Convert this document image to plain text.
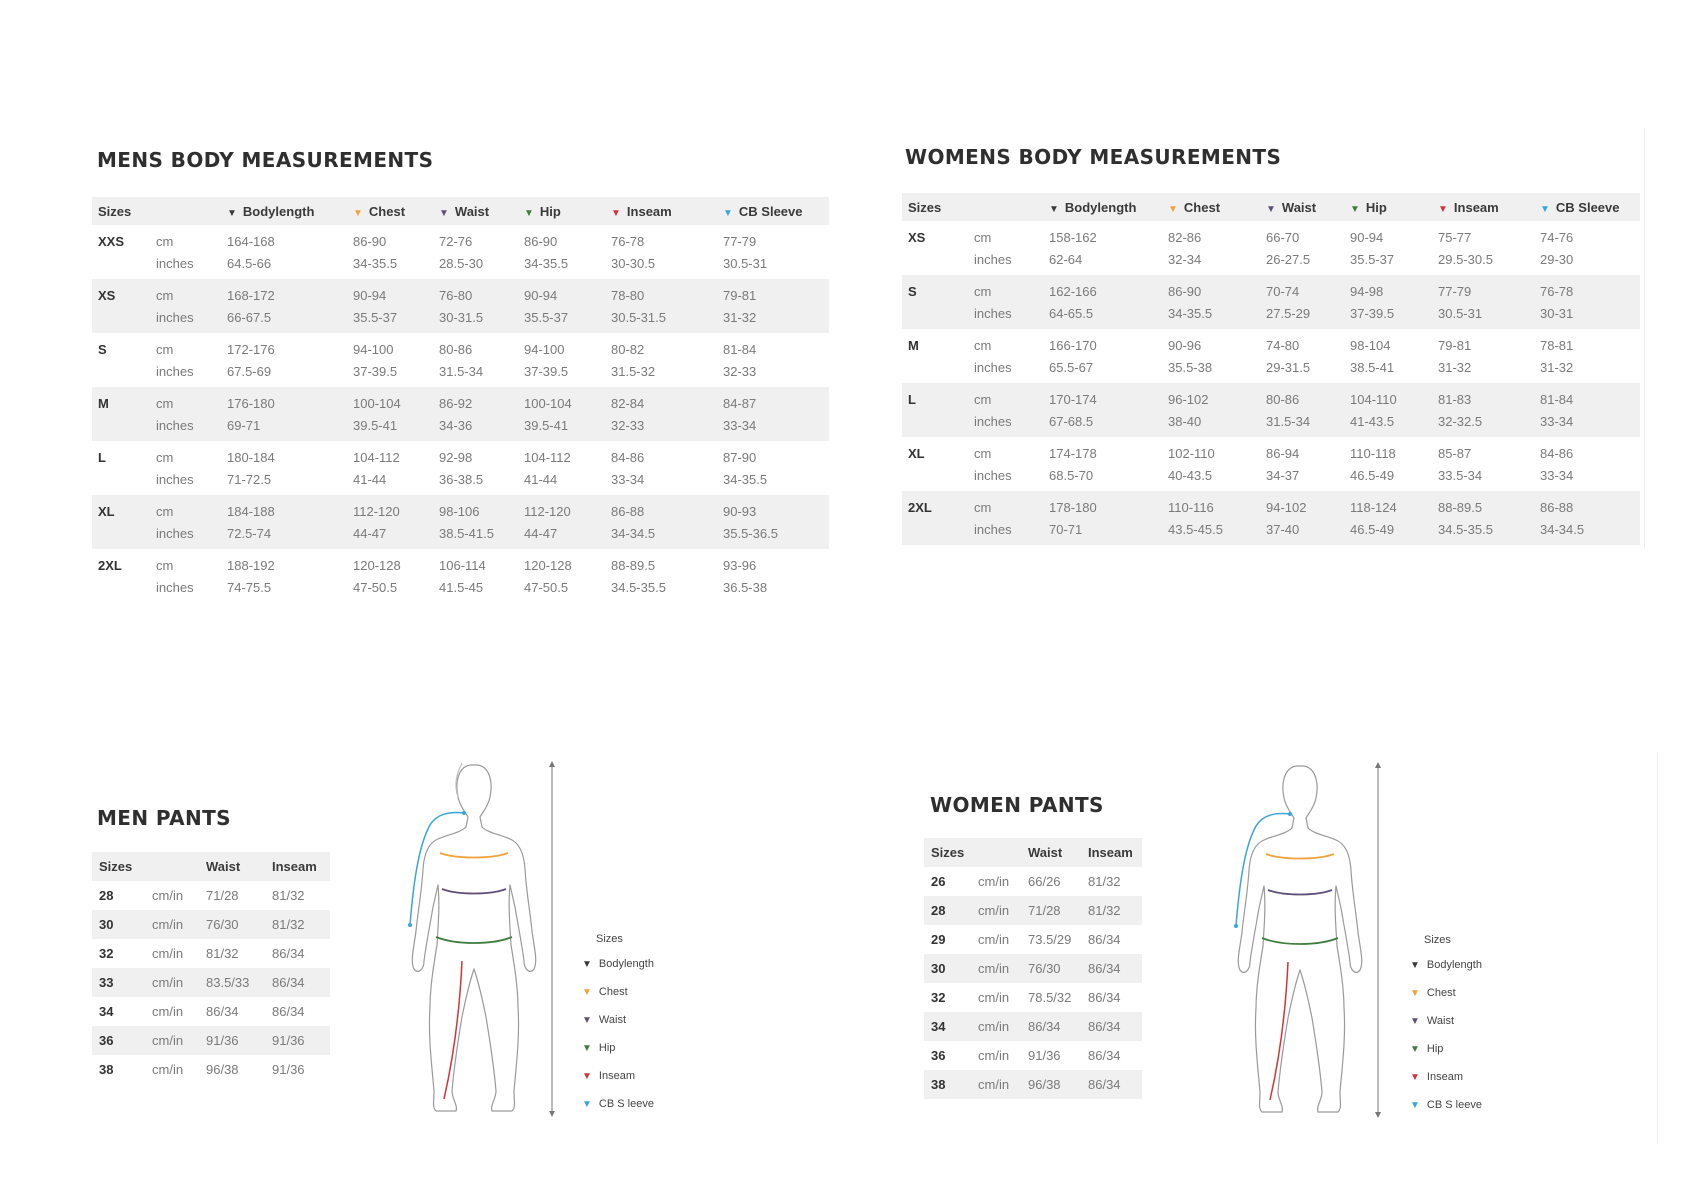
MENS BODY MEASUREMENTS
Sizes		▼ Bodylength	▼ Chest	▼ Waist	▼ Hip	▼ Inseam	▼ CB Sleeve
XXS	cm	164-168	86-90	72-76	86-90	76-78	77-79
	inches	64.5-66	34-35.5	28.5-30	34-35.5	30-30.5	30.5-31
XS	cm	168-172	90-94	76-80	90-94	78-80	79-81
	inches	66-67.5	35.5-37	30-31.5	35.5-37	30.5-31.5	31-32
S	cm	172-176	94-100	80-86	94-100	80-82	81-84
	inches	67.5-69	37-39.5	31.5-34	37-39.5	31.5-32	32-33
M	cm	176-180	100-104	86-92	100-104	82-84	84-87
	inches	69-71	39.5-41	34-36	39.5-41	32-33	33-34
L	cm	180-184	104-112	92-98	104-112	84-86	87-90
	inches	71-72.5	41-44	36-38.5	41-44	33-34	34-35.5
XL	cm	184-188	112-120	98-106	112-120	86-88	90-93
	inches	72.5-74	44-47	38.5-41.5	44-47	34-34.5	35.5-36.5
2XL	cm	188-192	120-128	106-114	120-128	88-89.5	93-96
	inches	74-75.5	47-50.5	41.5-45	47-50.5	34.5-35.5	36.5-38
WOMENS BODY MEASUREMENTS
Sizes		▼ Bodylength	▼ Chest	▼ Waist	▼ Hip	▼ Inseam	▼ CB Sleeve
XS	cm	158-162	82-86	66-70	90-94	75-77	74-76
	inches	62-64	32-34	26-27.5	35.5-37	29.5-30.5	29-30
S	cm	162-166	86-90	70-74	94-98	77-79	76-78
	inches	64-65.5	34-35.5	27.5-29	37-39.5	30.5-31	30-31
M	cm	166-170	90-96	74-80	98-104	79-81	78-81
	inches	65.5-67	35.5-38	29-31.5	38.5-41	31-32	31-32
L	cm	170-174	96-102	80-86	104-110	81-83	81-84
	inches	67-68.5	38-40	31.5-34	41-43.5	32-32.5	33-34
XL	cm	174-178	102-110	86-94	110-118	85-87	84-86
	inches	68.5-70	40-43.5	34-37	46.5-49	33.5-34	33-34
2XL	cm	178-180	110-116	94-102	118-124	88-89.5	86-88
	inches	70-71	43.5-45.5	37-40	46.5-49	34.5-35.5	34-34.5
MEN PANTS
Sizes		Waist	Inseam
28	cm/in	71/28	81/32
30	cm/in	76/30	81/32
32	cm/in	81/32	86/34
33	cm/in	83.5/33	86/34
34	cm/in	86/34	86/34
36	cm/in	91/36	91/36
38	cm/in	96/38	91/36
WOMEN PANTS
Sizes		Waist	Inseam
26	cm/in	66/26	81/32
28	cm/in	71/28	81/32
29	cm/in	73.5/29	86/34
30	cm/in	76/30	86/34
32	cm/in	78.5/32	86/34
34	cm/in	86/34	86/34
36	cm/in	91/36	86/34
38	cm/in	96/38	86/34
Sizes
▼ Bodylength
▼ Chest
▼ Waist
▼ Hip
▼ Inseam
▼ CB S leeve
Sizes
▼ Bodylength
▼ Chest
▼ Waist
▼ Hip
▼ Inseam
▼ CB S leeve
